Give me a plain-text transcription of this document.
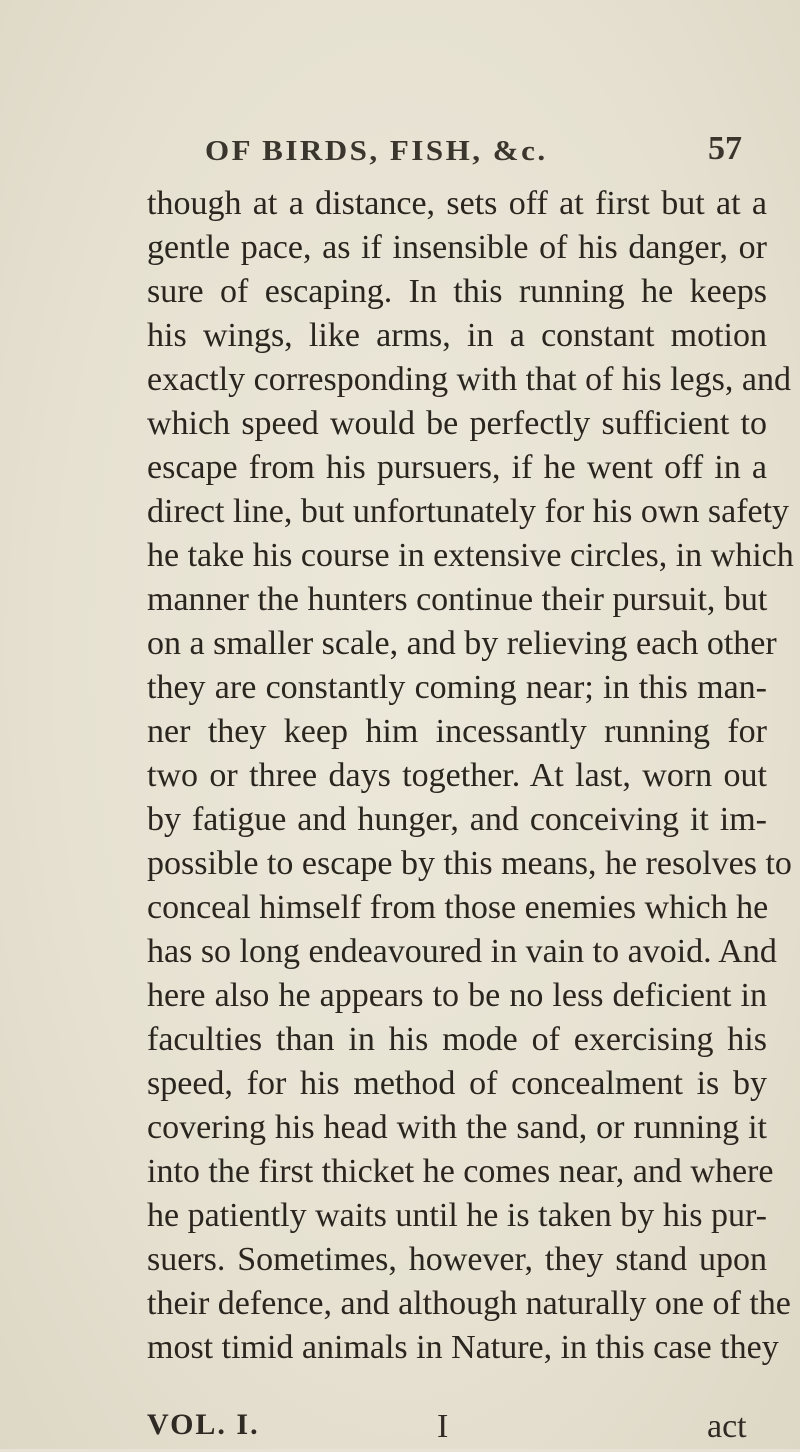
OF BIRDS, FISH, &c.	57
though at a distance, sets off at first but at a
gentle pace, as if insensible of his danger, or
sure of escaping. In this running he keeps
his wings, like arms, in a constant motion
exactly corresponding with that of his legs, and
which speed would be perfectly sufficient to
escape from his pursuers, if he went off in a
direct line, but unfortunately for his own safety
he take his course in extensive circles, in which
manner the hunters continue their pursuit, but
on a smaller scale, and by relieving each other
they are constantly coming near; in this man-
ner they keep him incessantly running for
two or three days together. At last, worn out
by fatigue and hunger, and conceiving it im-
possible to escape by this means, he resolves to
conceal himself from those enemies which he
has so long endeavoured in vain to avoid. And
here also he appears to be no less deficient in
faculties than in his mode of exercising his
speed, for his method of concealment is by
covering his head with the sand, or running it
into the first thicket he comes near, and where
he patiently waits until he is taken by his pur-
suers. Sometimes, however, they stand upon
their defence, and although naturally one of the
most timid animals in Nature, in this case they
VOL. I.	I	act
